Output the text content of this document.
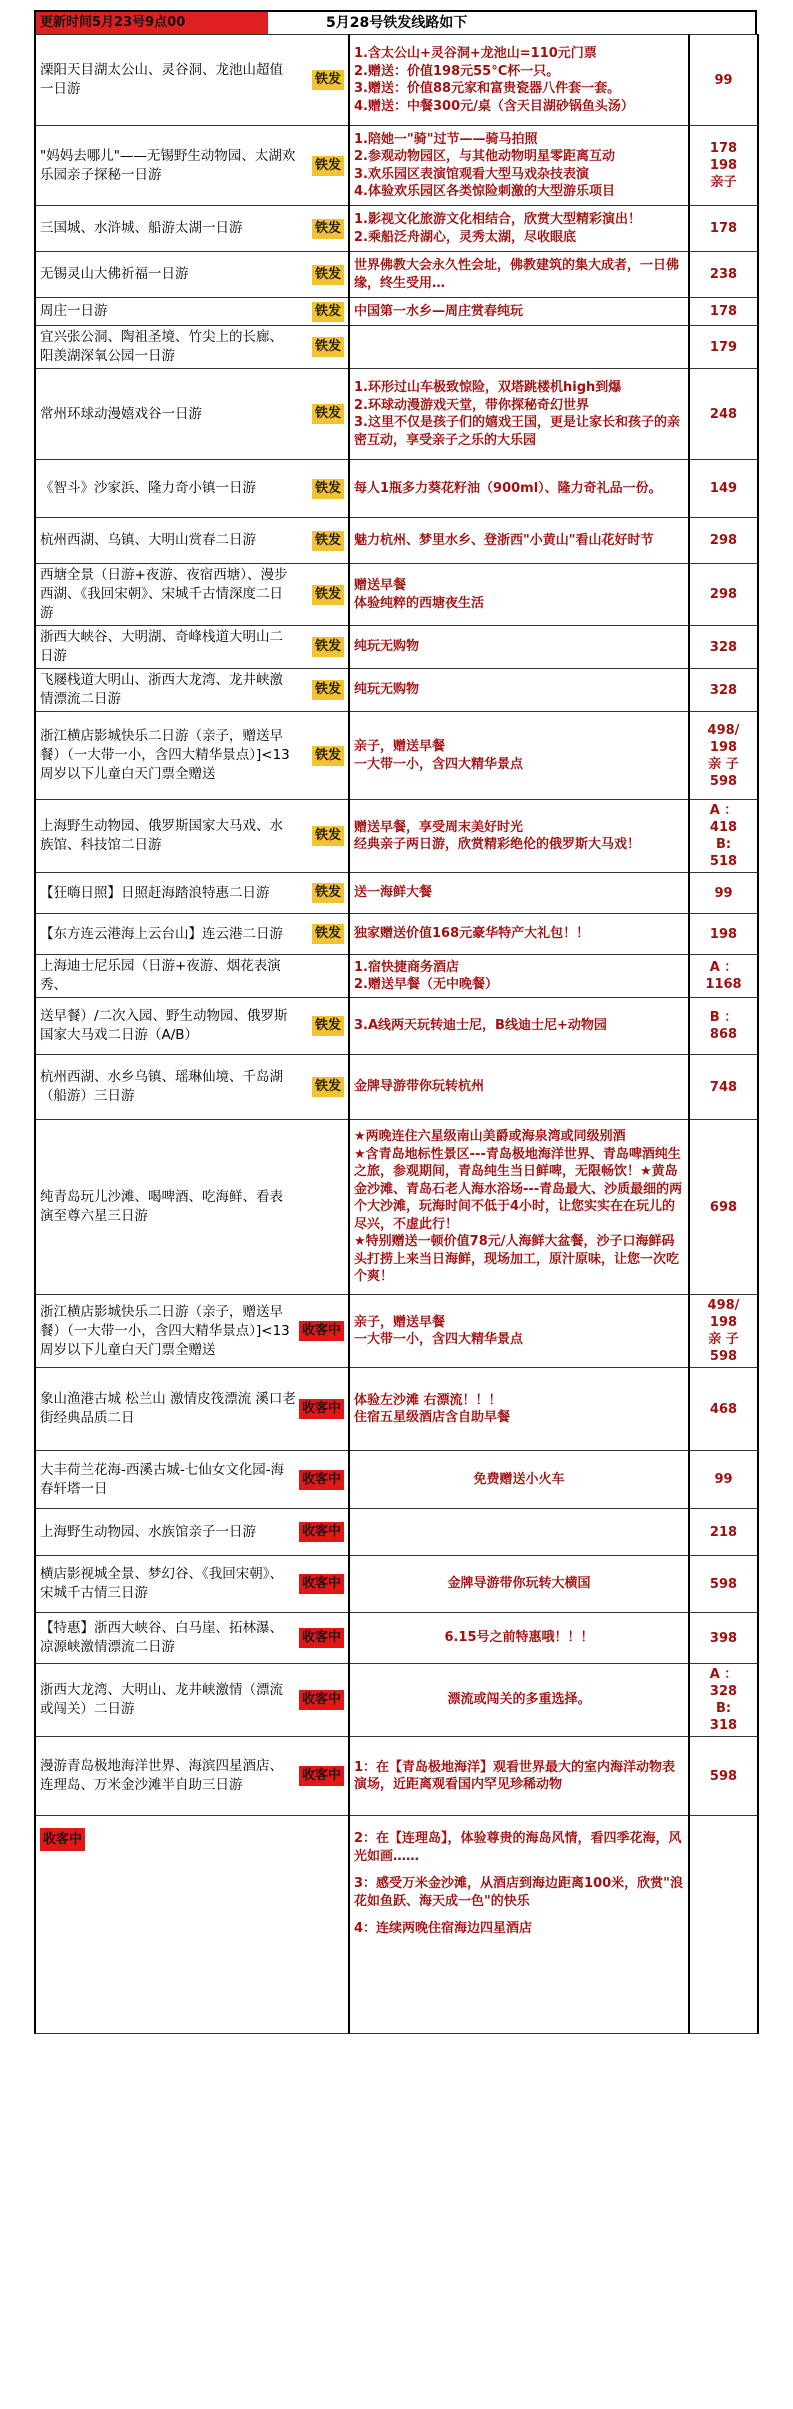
更新时间5月23号9点00	5月28号铁发线路如下
溧阳天目湖太公山、灵谷洞、龙池山超值一日游
铁发	1.含太公山+灵谷洞+龙池山=110元门票
2.赠送：价值198元55°C杯一只。
3.赠送：价值88元家和富贵瓷器八件套一套。
4.赠送：中餐300元/桌（含天目湖砂锅鱼头汤）	99

"妈妈去哪儿"——无锡野生动物园、太湖欢乐园亲子探秘一日游
铁发	1.陪她一"骑"过节——骑马拍照
2.参观动物园区，与其他动物明星零距离互动
3.欢乐园区表演馆观看大型马戏杂技表演
4.体验欢乐园区各类惊险刺激的大型游乐项目	178
198
亲子

三国城、水浒城、船游太湖一日游 铁发	1.影视文化旅游文化相结合，欣赏大型精彩演出！
2.乘船泛舟湖心，灵秀太湖，尽收眼底	178

无锡灵山大佛祈福一日游 铁发	世界佛教大会永久性会址，佛教建筑的集大成者，一日佛缘，终生受用…	238

周庄一日游 铁发	中国第一水乡—周庄赏春纯玩	178

宜兴张公洞、陶祖圣境、竹尖上的长廊、阳羡湖深氧公园一日游
铁发		179

常州环球动漫嬉戏谷一日游 铁发	1.环形过山车极致惊险，双塔跳楼机high到爆
2.环球动漫游戏天堂，带你探秘奇幻世界
3.这里不仅是孩子们的嬉戏王国，更是让家长和孩子的亲密互动，享受亲子之乐的大乐园	248

《智斗》沙家浜、隆力奇小镇一日游 铁发	每人1瓶多力葵花籽油（900ml）、隆力奇礼品一份。	149

杭州西湖、乌镇、大明山赏春二日游 铁发	魅力杭州、梦里水乡、登浙西"小黄山"看山花好时节	298

西塘全景（日游+夜游、夜宿西塘）、漫步西湖、《我回宋朝》、宋城千古情深度二日游
铁发	赠送早餐
体验纯粹的西塘夜生活	298

浙西大峡谷、大明湖、奇峰栈道大明山二日游
铁发	纯玩无购物	328

飞屦栈道大明山、浙西大龙湾、龙井峡激情漂流二日游
铁发	纯玩无购物	328

浙江横店影城快乐二日游（亲子，赠送早餐）（一大带一小，含四大精华景点）]<13周岁以下儿童白天门票全赠送
铁发	亲子，赠送早餐
一大带一小，含四大精华景点	498/
198
亲 子
598

上海野生动物园、俄罗斯国家大马戏、水族馆、科技馆二日游
铁发	赠送早餐，享受周末美好时光
经典亲子两日游，欣赏精彩绝伦的俄罗斯大马戏！	A ：
418
B:
518

【狂嗨日照】日照赶海踏浪特惠二日游 铁发	送一海鲜大餐	99

【东方连云港海上云台山】连云港二日游 铁发	独家赠送价值168元豪华特产大礼包！！	198

上海迪士尼乐园（日游+夜游、烟花表演秀、	1.宿快捷商务酒店
2.赠送早餐（无中晚餐）	A ：
1168

送早餐）/二次入园、野生动物园、俄罗斯国家大马戏二日游（A/B）
铁发	3.A线两天玩转迪士尼，B线迪士尼+动物园	B ：
868

杭州西湖、水乡乌镇、瑶琳仙境、千岛湖（船游）三日游
铁发	金牌导游带你玩转杭州	748

纯青岛玩儿沙滩、喝啤酒、吃海鲜、看表演至尊六星三日游	★两晚连住六星级南山美爵或海泉湾或同级别酒
★含青岛地标性景区---青岛极地海洋世界、青岛啤酒纯生之旅，参观期间，青岛纯生当日鲜啤，无限畅饮！★黄岛金沙滩、青岛石老人海水浴场---青岛最大、沙质最细的两个大沙滩，玩海时间不低于4小时，让您实实在在玩儿的尽兴，不虚此行！
★特别赠送一顿价值78元/人海鲜大盆餐，沙子口海鲜码头打捞上来当日海鲜，现场加工，原汁原味，让您一次吃个爽！	698

浙江横店影城快乐二日游（亲子，赠送早餐）（一大带一小，含四大精华景点）]<13周岁以下儿童白天门票全赠送
收客中	亲子，赠送早餐
一大带一小，含四大精华景点	498/
198
亲 子
598

象山渔港古城 松兰山 激情皮筏漂流 溪口老街经典品质二日
收客中	体验左沙滩 右漂流！！！
住宿五星级酒店含自助早餐	468

大丰荷兰花海-西溪古城-七仙女文化园-海春轩塔一日
收客中	免费赠送小火车	99

上海野生动物园、水族馆亲子一日游 收客中		218

横店影视城全景、梦幻谷、《我回宋朝》、宋城千古情三日游
收客中	金牌导游带你玩转大横国	598

【特惠】浙西大峡谷、白马崖、拓林瀑、凉源峡激情漂流二日游
收客中	6.15号之前特惠哦！！！	398

浙西大龙湾、大明山、龙井峡激情（漂流或闯关）二日游
收客中	漂流或闯关的多重选择。	A ：
328
B:
318

漫游青岛极地海洋世界、海滨四星酒店、连理岛、万米金沙滩半自助三日游
收客中	1：在【青岛极地海洋】观看世界最大的室内海洋动物表演场，近距离观看国内罕见珍稀动物	598

收客中	2：在【连理岛】，体验尊贵的海岛风情，看四季花海，风光如画……

3：感受万米金沙滩，从酒店到海边距离100米，欣赏"浪花如鱼跃、海天成一色"的快乐

4：连续两晚住宿海边四星酒店	
